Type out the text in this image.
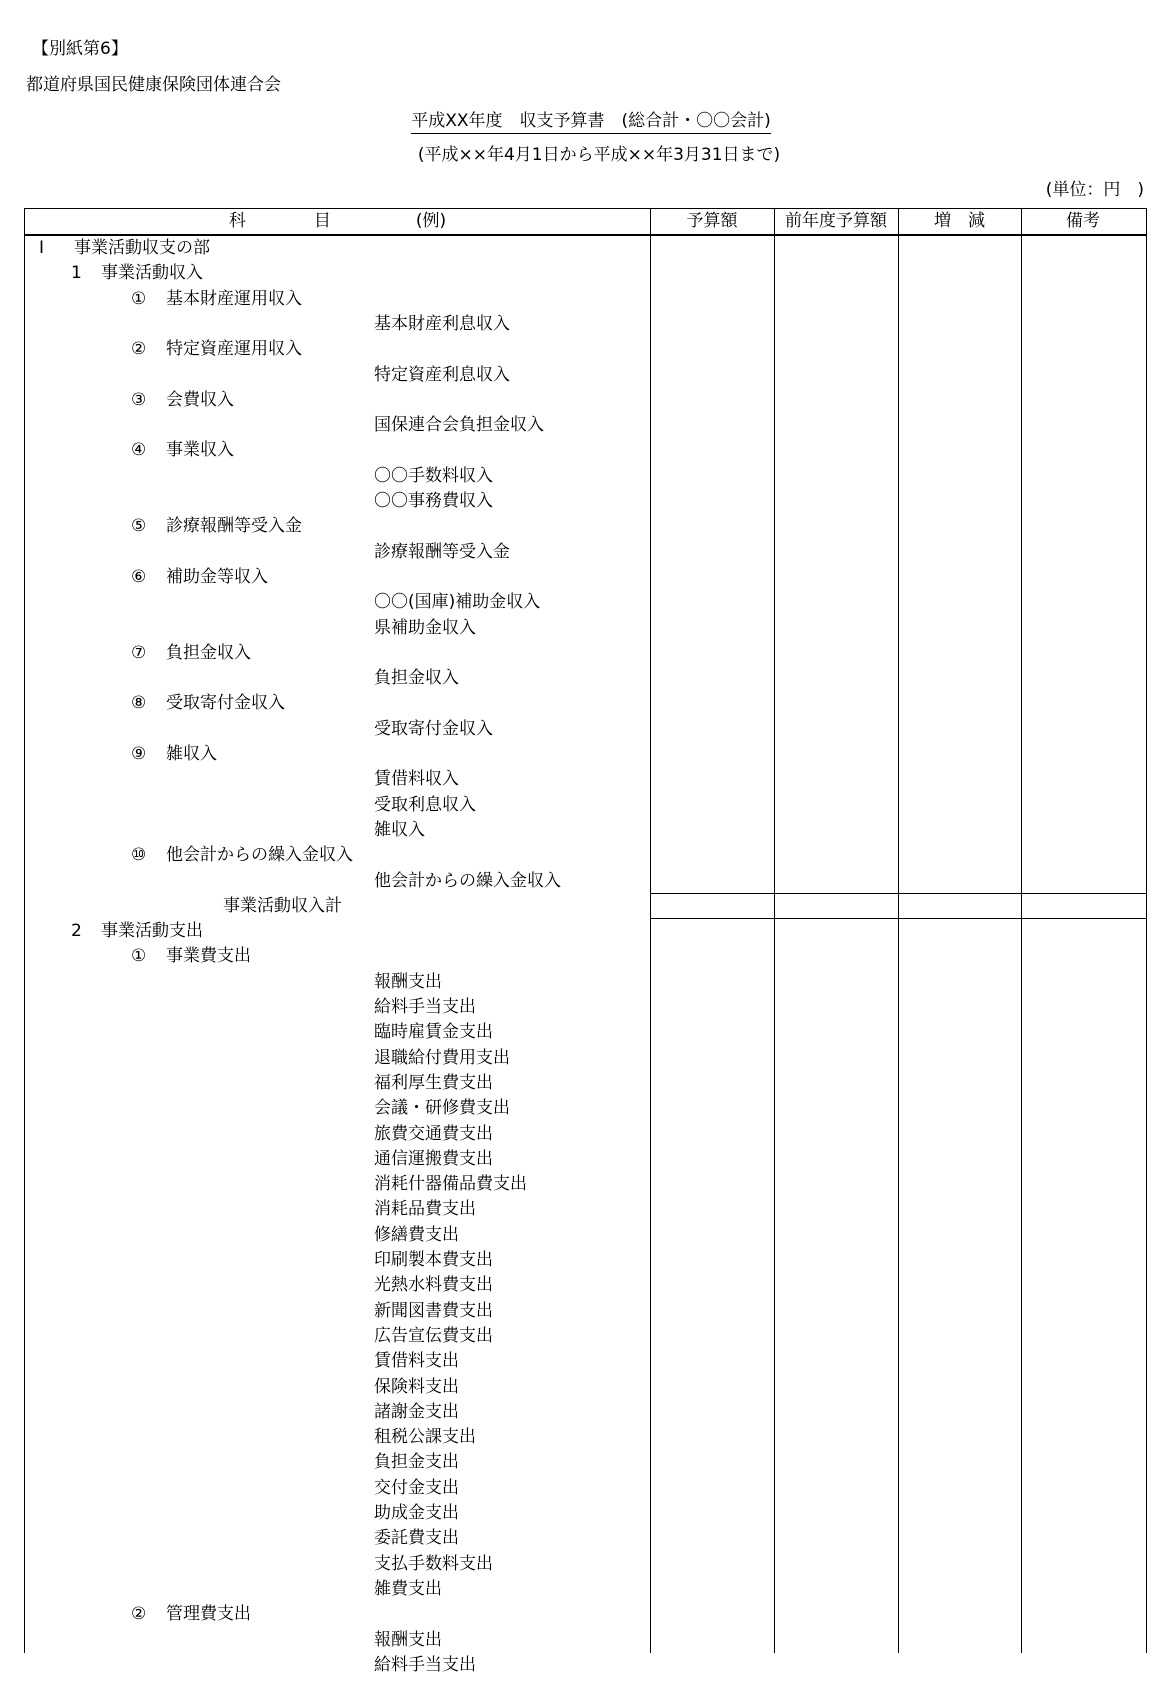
【別紙第6】
都道府県国民健康保険団体連合会
平成XX年度　収支予算書　(総合計・〇〇会計)
(平成××年4月1日から平成××年3月31日まで)
(単位：円　)
科　　　　目　　　　　(例)	予算額	前年度予算額	増　減	備考
Ⅰ 事業活動収支の部
1 事業活動収入
① 基本財産運用収入
基本財産利息収入
② 特定資産運用収入
特定資産利息収入
③ 会費収入
国保連合会負担金収入
④ 事業収入
〇〇手数料収入
〇〇事務費収入
⑤ 診療報酬等受入金
診療報酬等受入金
⑥ 補助金等収入
〇〇(国庫)補助金収入
県補助金収入
⑦ 負担金収入
負担金収入
⑧ 受取寄付金収入
受取寄付金収入
⑨ 雑収入
賃借料収入
受取利息収入
雑収入
⑩ 他会計からの繰入金収入
他会計からの繰入金収入
事業活動収入計
2 事業活動支出
① 事業費支出
報酬支出
給料手当支出
臨時雇賃金支出
退職給付費用支出
福利厚生費支出
会議・研修費支出
旅費交通費支出
通信運搬費支出
消耗什器備品費支出
消耗品費支出
修繕費支出
印刷製本費支出
光熱水料費支出
新聞図書費支出
広告宣伝費支出
賃借料支出
保険料支出
諸謝金支出
租税公課支出
負担金支出
交付金支出
助成金支出
委託費支出
支払手数料支出
雑費支出
② 管理費支出
報酬支出
給料手当支出
